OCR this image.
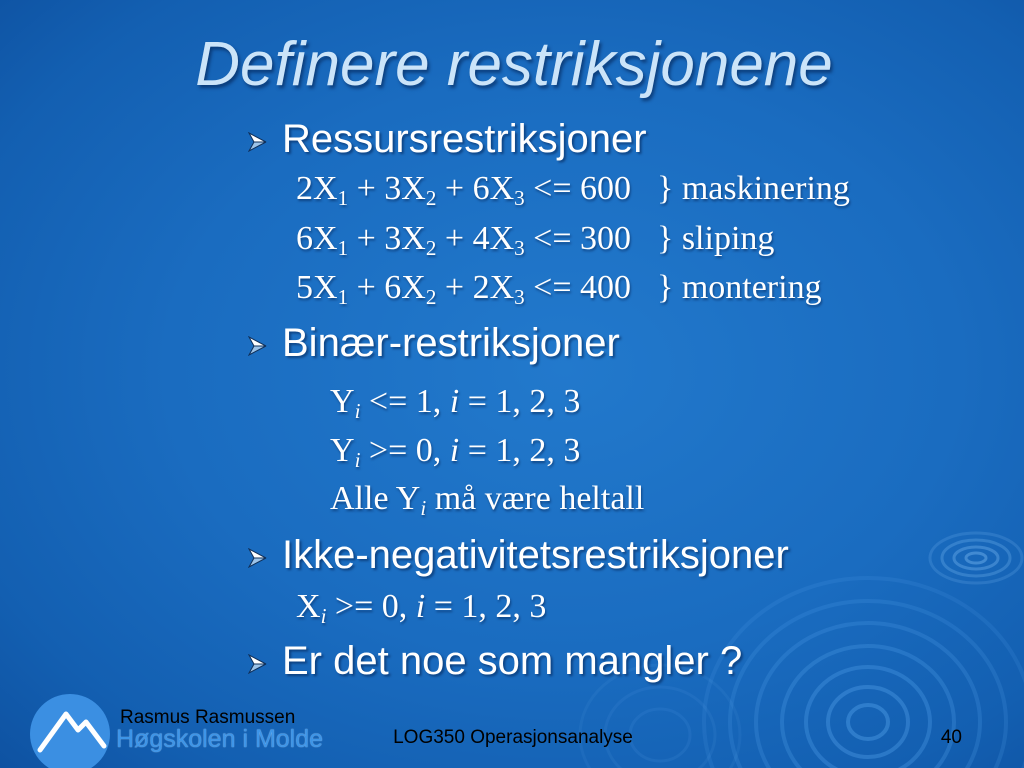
Definere restriksjonene
Ressursrestriksjoner
2X 1 + 3X 2 + 6X 3 <= 600 } maskinering
6X 1 + 3X 2 + 4X 3 <= 300 } sliping
5X 1 + 6X 2 + 2X 3 <= 400 } montering
Binær-restriksjoner
Y i <= 1, i = 1, 2, 3
Y i >= 0, i = 1, 2, 3
Alle Y i må være heltall
Ikke-negativitetsrestriksjoner
X i >= 0, i = 1, 2, 3
Er det noe som mangler ?
Rasmus Rasmussen
Høgskolen i Molde	LOG350 Operasjonsanalyse	40
